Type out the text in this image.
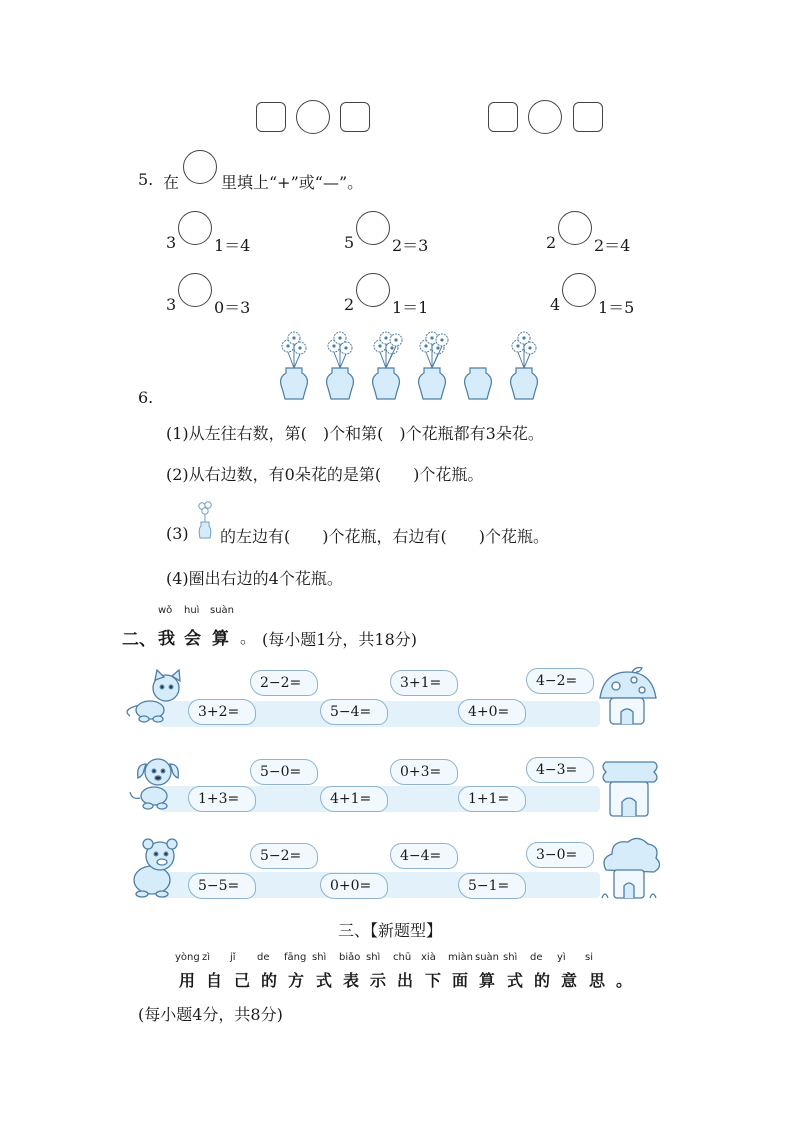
5. 在	里填上“+”或“—”。
3 1＝4	5 2＝3	2 2＝4
3 0＝3	2 1＝1	4 1＝5
6.
(1)从左往右数，第(　)个和第(　)个花瓶都有3朵花。
(2)从右边数，有0朵花的是第(　　)个花瓶。
(3) 的左边有(　　)个花瓶，右边有(　　)个花瓶。
(4)圈出右边的4个花瓶。
wǒ huì suàn
二、 我 会 算 。 (每小题1分，共18分)
2−2=	3+1=	4−2=
3+2=	5−4=	4+0=
5−0=	0+3=	4−3=
1+3=	4+1=	1+1=
5−2=	4−4=	3−0=
5−5=	0+0=	5−1=
三、【新题型】
yòng
用
zì
自
jǐ
己
de
的
fāng
方
shì
式
biǎo
表
shì
示
chū
出
xià
下
miàn
面
suàn
算
shì
式
de
的
yì
意
si
思 。
(每小题4分，共8分)
